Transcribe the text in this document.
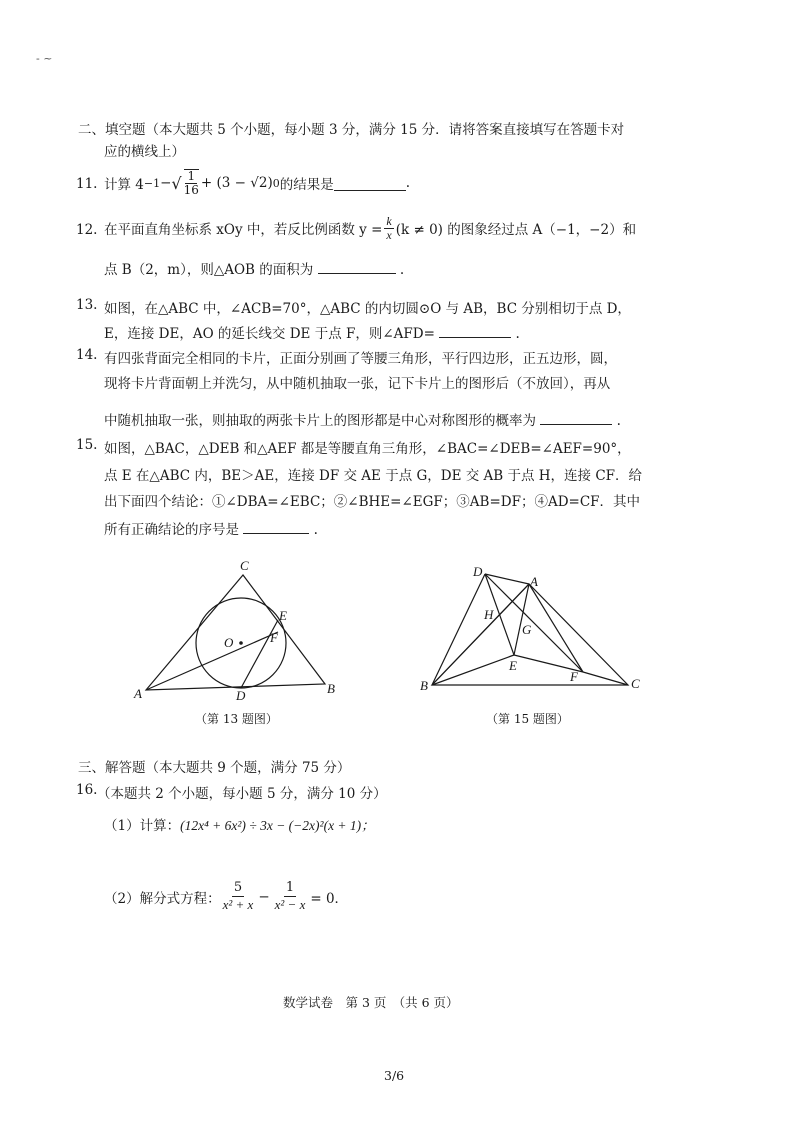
- ~
二、填空题（本大题共 5 个小题，每小题 3 分，满分 15 分．请将答案直接填写在答题卡对
应的横线上）
11. 计算 4 −1 − √ $\frac{1}{16} + (3 - √2)$ 0 的结果是	.
12. 在平面直角坐标系 xOy 中，若反比例函数 $y = \frac{k}{x} (k \ne 0)$ 的图象经过点 A（−1，−2）和
点 B（2，m），则△AOB 的面积为	.
13. 如图，在△ABC 中，∠ACB=70°，△ABC 的内切圆⊙O 与 AB，BC 分别相切于点 D，
E，连接 DE，AO 的延长线交 DE 于点 F，则∠AFD=	.
14. 有四张背面完全相同的卡片，正面分别画了等腰三角形，平行四边形，正五边形，圆，
现将卡片背面朝上并洗匀，从中随机抽取一张，记下卡片上的图形后（不放回），再从
中随机抽取一张，则抽取的两张卡片上的图形都是中心对称图形的概率为	.
15. 如图，△BAC，△DEB 和△AEF 都是等腰直角三角形，∠BAC=∠DEB=∠AEF=90°，
点 E 在△ABC 内，BE＞AE，连接 DF 交 AE 于点 G，DE 交 AB 于点 H，连接 CF．给
出下面四个结论：①∠DBA=∠EBC；②∠BHE=∠EGF；③AB=DF；④AD=CF．其中
所有正确结论的序号是	.
C
A	B
D
E
F
O
（第 13 题图）
D
A
B	C
H
G
E
F
（第 15 题图）
三、解答题（本大题共 9 个题，满分 75 分）
16. （本题共 2 个小题，每小题 5 分，满分 10 分）
（1）计算：(12x⁴ + 6x²) ÷ 3x − (−2x)²(x + 1)；
（2）解分式方程： $\frac{5}{\text{x² + x}} - \frac{1}{\text{x² − x}} = 0$．
数学试卷　第 3 页　（共 6 页）
3/6
